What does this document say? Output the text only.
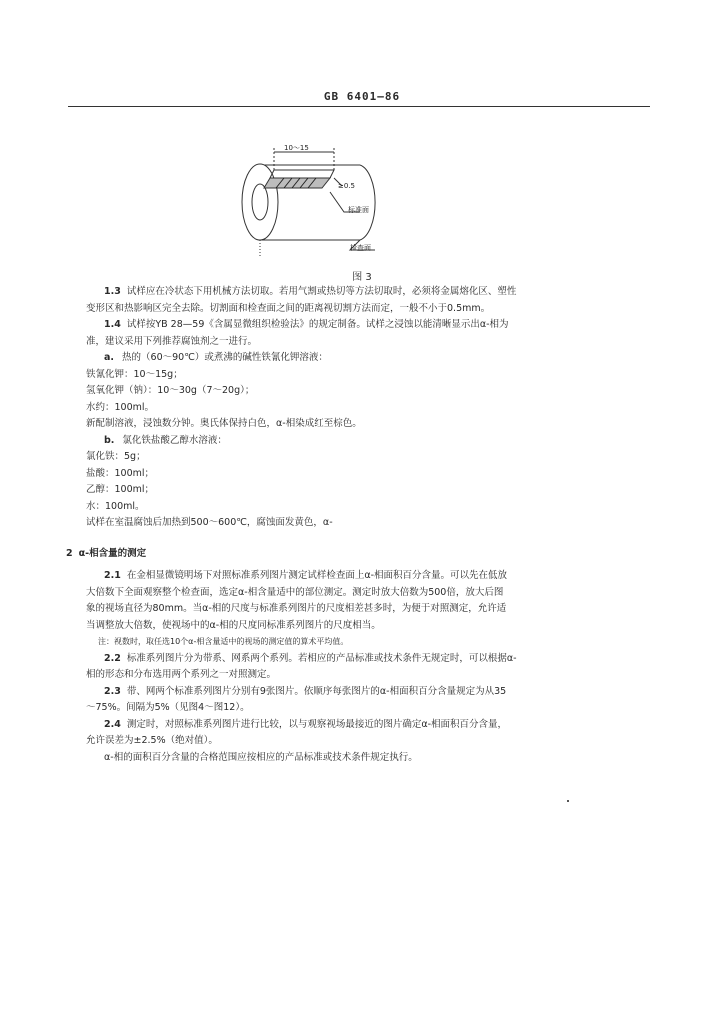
GB 6401—86
10～15
≥0.5
标准面
检查面
图 3

1.3 试样应在冷状态下用机械方法切取。若用气割或热切等方法切取时，必须将金属熔化区、塑性

变形区和热影响区完全去除。切割面和检查面之间的距离视切割方法而定，一般不小于0.5mm。

1.4 试样按YB 28—59《含属显微组织检验法》的规定制备。试样之浸蚀以能清晰显示出α-相为

准，建议采用下列推荐腐蚀剂之一进行。

a. 热的（60～90℃）或煮沸的碱性铁氰化钾溶液：

铁氰化钾：10～15g；

氢氧化钾（钠）：10～30g（7～20g）；

水约：100ml。

新配制溶液，浸蚀数分钟。奥氏体保持白色，α-相染成红至棕色。

b. 氯化铁盐酸乙醇水溶液：

氯化铁：5g；

盐酸：100ml；

乙醇：100ml；

水：100ml。

试样在室温腐蚀后加热到500～600℃，腐蚀面发黄色，α-

2 α-相含量的测定

2.1 在金相显微镜明场下对照标准系列图片测定试样检查面上α-相面积百分含量。可以先在低放

大倍数下全面观察整个检查面，选定α-相含量适中的部位测定。测定时放大倍数为500倍，放大后图

象的视场直径为80mm。当α-相的尺度与标准系列图片的尺度相差甚多时，为便于对照测定，允许适

当调整放大倍数，使视场中的α-相的尺度同标准系列图片的尺度相当。

注：视数时，取任选10个α-相含量适中的视场的测定值的算术平均值。

2.2 标准系列图片分为带系、网系两个系列。若相应的产品标准或技术条件无规定时，可以根据α-

相的形态和分布选用两个系列之一对照测定。

2.3 带、网两个标准系列图片分别有9张图片。依顺序每张图片的α-相面积百分含量规定为从35

～75%。间隔为5%（见图4～图12）。

2.4 测定时，对照标准系列图片进行比较，以与观察视场最接近的图片确定α-相面积百分含量，

允许误差为±2.5%（绝对值）。

α-相的面积百分含量的合格范围应按相应的产品标准或技术条件规定执行。
